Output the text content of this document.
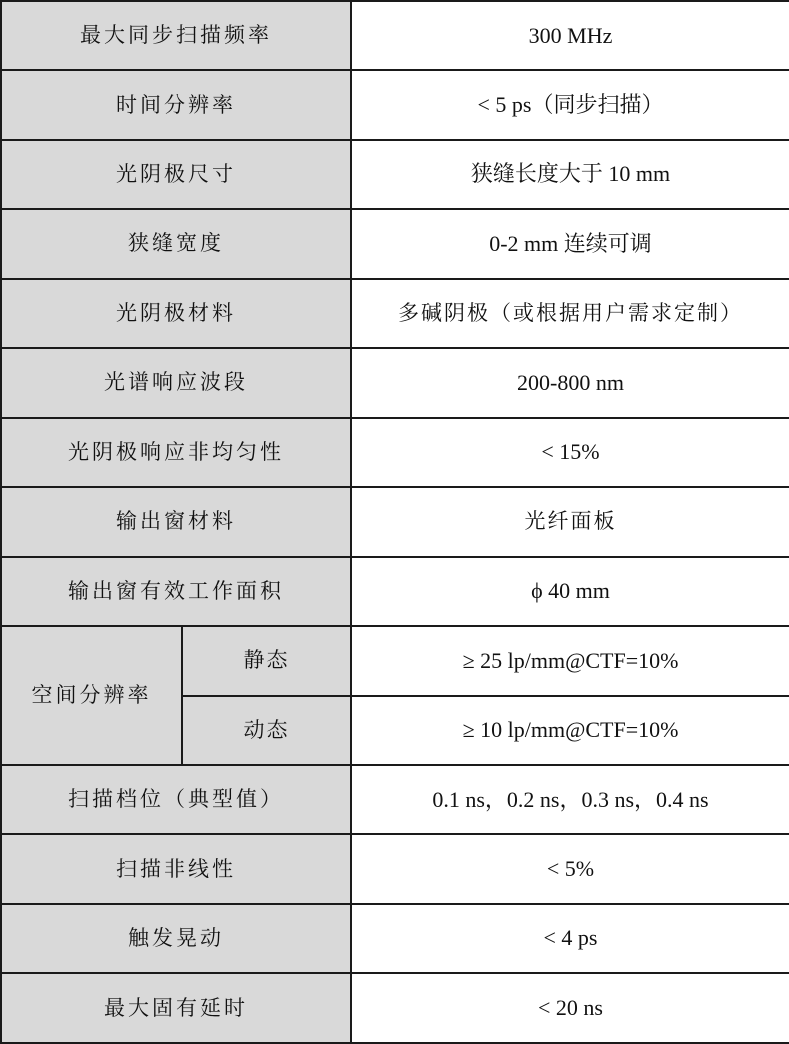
最大同步扫描频率		300 MHz
时间分辨率		< 5 ps（同步扫描）
光阴极尺寸		狭缝长度大于 10 mm
狭缝宽度		0-2 mm 连续可调
光阴极材料		多碱阴极（或根据用户需求定制）
光谱响应波段		200-800 nm
光阴极响应非均匀性		< 15%
输出窗材料		光纤面板
输出窗有效工作面积		ϕ 40 mm
空间分辨率	静态	≥ 25 lp/mm@CTF=10%
	动态	≥ 10 lp/mm@CTF=10%
扫描档位（典型值）		0.1 ns，0.2 ns，0.3 ns，0.4 ns
扫描非线性		< 5%
触发晃动		< 4 ps
最大固有延时		< 20 ns
